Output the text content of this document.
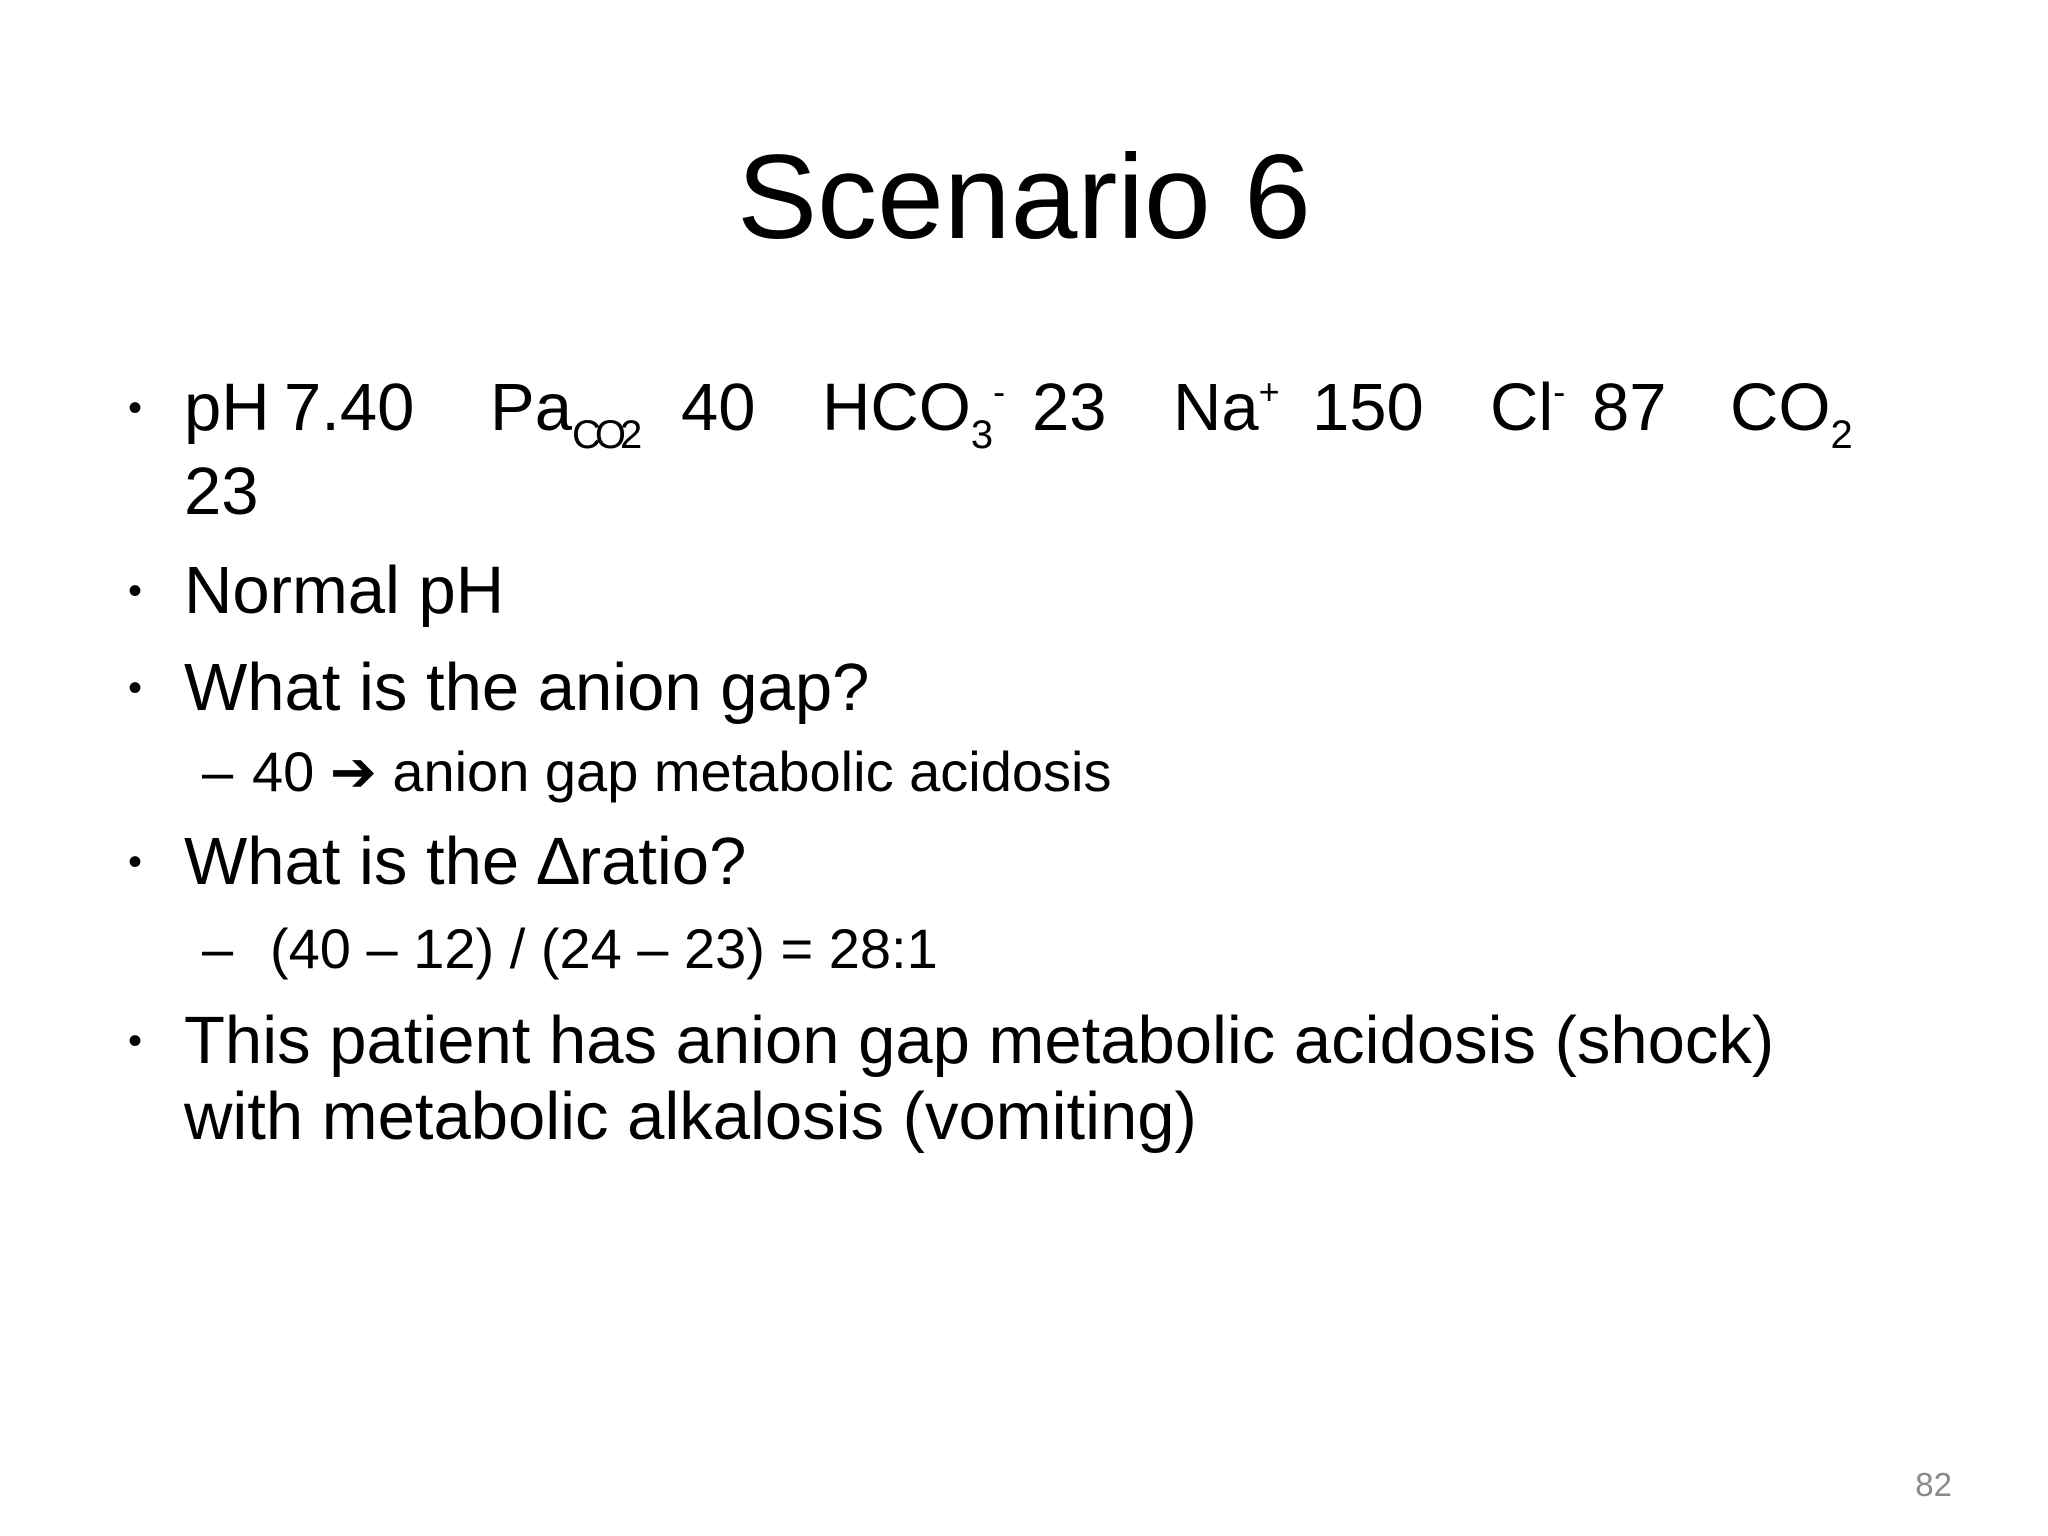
Scenario 6
• pH 7.40 $Pa_{CO2}$ 40 $HCO_3^-$ 23 Na+ 150 Cl- 87 $CO_2$
23
• Normal pH
• What is the anion gap?
– 40 ➔ anion gap metabolic acidosis
• What is the ∆ratio?
– (40 – 12) / (24 – 23) = 28:1
• This patient has anion gap metabolic acidosis (shock)
with metabolic alkalosis (vomiting)
82
